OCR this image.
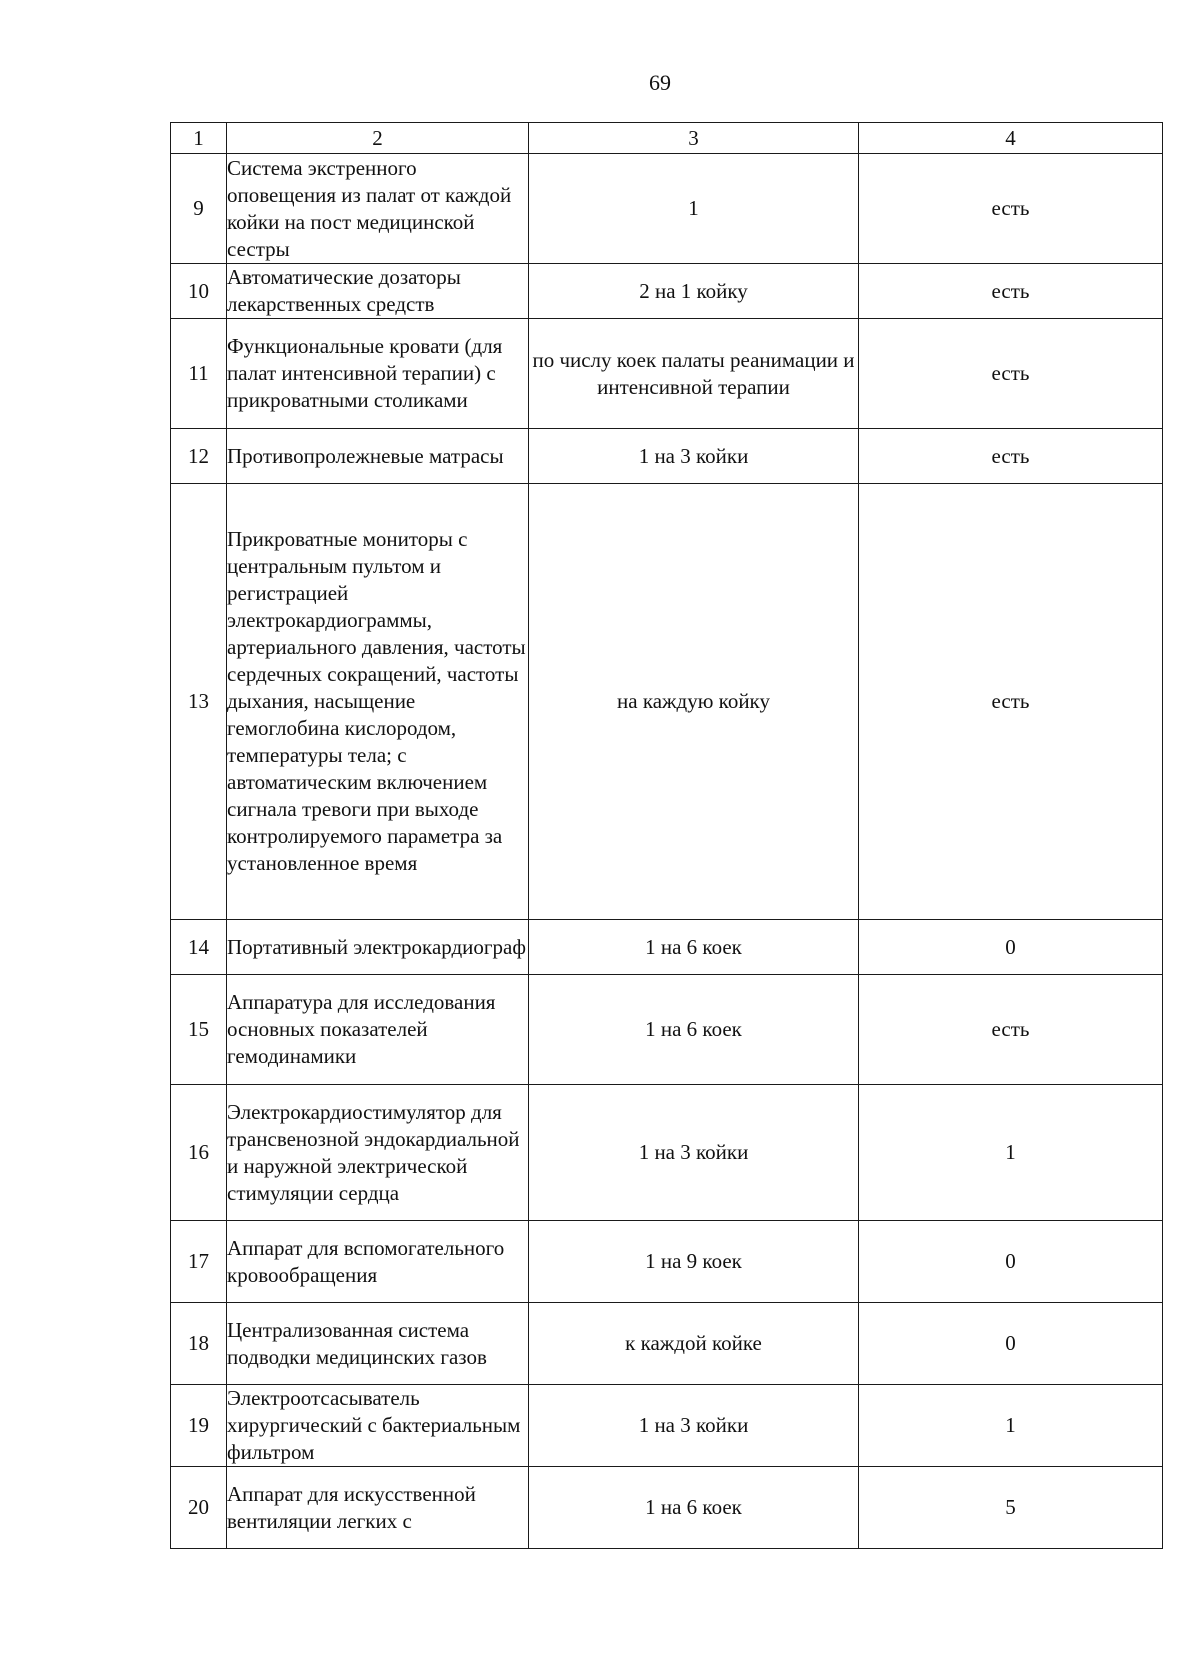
69
1	2	3	4
9	Система экстренного оповещения из палат от каждой койки на пост медицинской сестры	1	есть
10	Автоматические дозаторы лекарственных средств	2 на 1 койку	есть
11	Функциональные кровати (для палат интенсивной терапии) с прикроватными столиками	по числу коек палаты реанимации и интенсивной терапии	есть
12	Противопролежневые матрасы	1 на 3 койки	есть
13	Прикроватные мониторы с центральным пультом и регистрацией электрокардиограммы, артериального давления, частоты сердечных сокращений, частоты дыхания, насыщение гемоглобина кислородом, температуры тела; с автоматическим включением сигнала тревоги при выходе контролируемого параметра за установленное время	на каждую койку	есть
14	Портативный электрокардиограф	1 на 6 коек	0
15	Аппаратура для исследования основных показателей гемодинамики	1 на 6 коек	есть
16	Электрокардиостимулятор для трансвенозной эндокардиальной и наружной электрической стимуляции сердца	1 на 3 койки	1
17	Аппарат для вспомогательного кровообращения	1 на 9 коек	0
18	Централизованная система подводки медицинских газов	к каждой койке	0
19	Электроотсасыватель хирургический с бактериальным фильтром	1 на 3 койки	1
20	Аппарат для искусственной вентиляции легких с	1 на 6 коек	5
